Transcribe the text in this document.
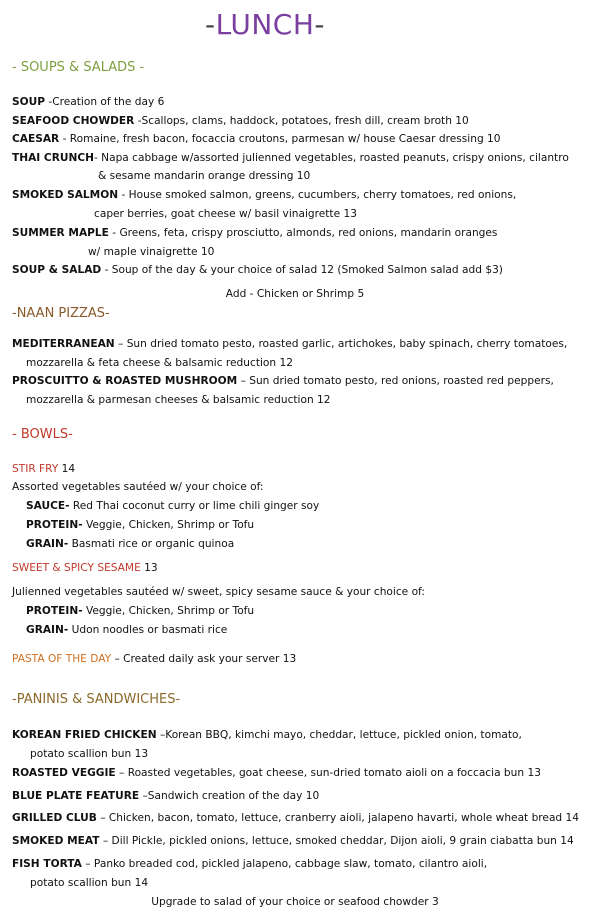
-LUNCH-
- SOUPS & SALADS -
SOUP -Creation of the day 6
SEAFOOD CHOWDER -Scallops, clams, haddock, potatoes, fresh dill, cream broth 10
CAESAR - Romaine, fresh bacon, focaccia croutons, parmesan w/ house Caesar dressing 10
THAI CRUNCH- Napa cabbage w/assorted julienned vegetables, roasted peanuts, crispy onions, cilantro
& sesame mandarin orange dressing 10
SMOKED SALMON - House smoked salmon, greens, cucumbers, cherry tomatoes, red onions,
caper berries, goat cheese w/ basil vinaigrette 13
SUMMER MAPLE - Greens, feta, crispy prosciutto, almonds, red onions, mandarin oranges
w/ maple vinaigrette 10
SOUP & SALAD - Soup of the day & your choice of salad 12 (Smoked Salmon salad add $3)
Add - Chicken or Shrimp 5
-NAAN PIZZAS-
MEDITERRANEAN – Sun dried tomato pesto, roasted garlic, artichokes, baby spinach, cherry tomatoes,
mozzarella & feta cheese & balsamic reduction 12
PROSCUITTO & ROASTED MUSHROOM – Sun dried tomato pesto, red onions, roasted red peppers,
mozzarella & parmesan cheeses & balsamic reduction 12
- BOWLS-
STIR FRY 14
Assorted vegetables sautéed w/ your choice of:
SAUCE- Red Thai coconut curry or lime chili ginger soy
PROTEIN- Veggie, Chicken, Shrimp or Tofu
GRAIN- Basmati rice or organic quinoa
SWEET & SPICY SESAME 13
Julienned vegetables sautéed w/ sweet, spicy sesame sauce & your choice of:
PROTEIN- Veggie, Chicken, Shrimp or Tofu
GRAIN- Udon noodles or basmati rice
PASTA OF THE DAY – Created daily ask your server 13
-PANINIS & SANDWICHES-
KOREAN FRIED CHICKEN –Korean BBQ, kimchi mayo, cheddar, lettuce, pickled onion, tomato,
potato scallion bun 13
ROASTED VEGGIE – Roasted vegetables, goat cheese, sun-dried tomato aioli on a foccacia bun 13
BLUE PLATE FEATURE –Sandwich creation of the day 10
GRILLED CLUB – Chicken, bacon, tomato, lettuce, cranberry aioli, jalapeno havarti, whole wheat bread 14
SMOKED MEAT – Dill Pickle, pickled onions, lettuce, smoked cheddar, Dijon aioli, 9 grain ciabatta bun 14
FISH TORTA – Panko breaded cod, pickled jalapeno, cabbage slaw, tomato, cilantro aioli,
potato scallion bun 14
Upgrade to salad of your choice or seafood chowder 3
